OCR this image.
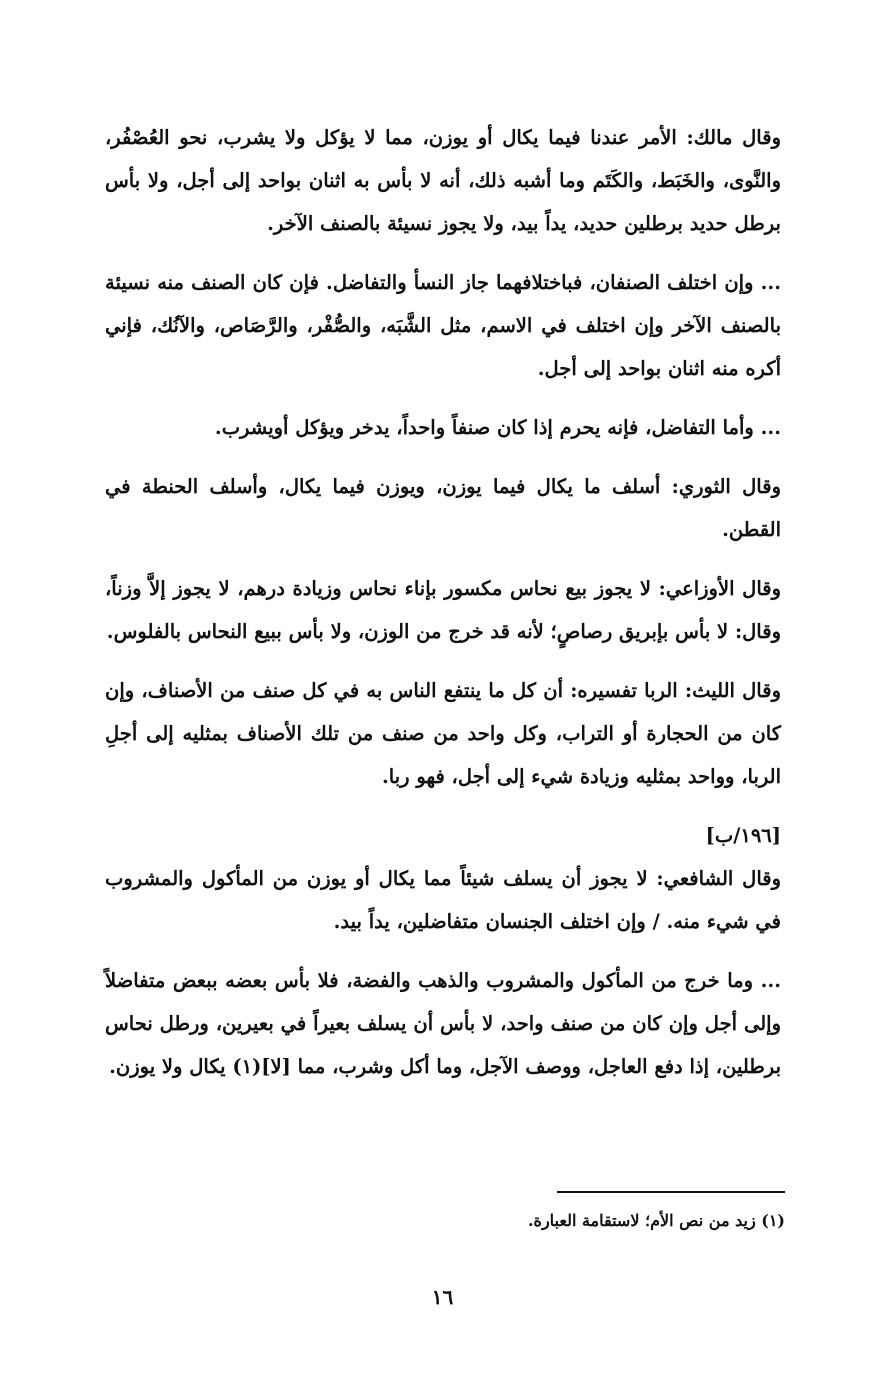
وقال مالك: الأمر عندنا فيما يكال أو يوزن، مما لا يؤكل ولا يشرب، نحو العُصْفُر، والنَّوى، والخَبَط، والكَتَم وما أشبه ذلك، أنه لا بأس به اثنان بواحد إلى أجل، ولا بأس برطل حديد برطلين حديد، يداً بيد، ولا يجوز نسيئة بالصنف الآخر.

... وإن اختلف الصنفان، فباختلافهما جاز النسأ والتفاضل. فإن كان الصنف منه نسيئة بالصنف الآخر وإن اختلف في الاسم، مثل الشَّبَه، والصُّفْر، والرَّصَاص، والآنُك، فإني أكره منه اثنان بواحد إلى أجل.

... وأما التفاضل، فإنه يحرم إذا كان صنفاً واحداً، يدخر ويؤكل أويشرب.

وقال الثوري: أسلف ما يكال فيما يوزن، ويوزن فيما يكال، وأسلف الحنطة في القطن.

وقال الأوزاعي: لا يجوز بيع نحاس مكسور بإناء نحاس وزيادة درهم، لا يجوز إلاَّ وزناً، وقال: لا بأس بإبريق رصاصٍ؛ لأنه قد خرج من الوزن، ولا بأس ببيع النحاس بالفلوس.

وقال الليث: الربا تفسيره: أن كل ما ينتفع الناس به في كل صنف من الأصناف، وإن كان من الحجارة أو التراب، وكل واحد من صنف من تلك الأصناف بمثليه إلى أجلِ الربا، وواحد بمثليه وزيادة شيء إلى أجل، فهو ربا.

[١٩٦/ب]

وقال الشافعي: لا يجوز أن يسلف شيئاً مما يكال أو يوزن من المأكول والمشروب في شيء منه. / وإن اختلف الجنسان متفاضلين، يداً بيد.

... وما خرج من المأكول والمشروب والذهب والفضة، فلا بأس بعضه ببعض متفاضلاً وإلى أجل وإن كان من صنف واحد، لا بأس أن يسلف بعيراً في بعيرين، ورطل نحاس برطلين، إذا دفع العاجل، ووصف الآجل، وما أكل وشرب، مما [لا](١) يكال ولا يوزن.

(١) زيد من نص الأم؛ لاستقامة العبارة.
١٦
